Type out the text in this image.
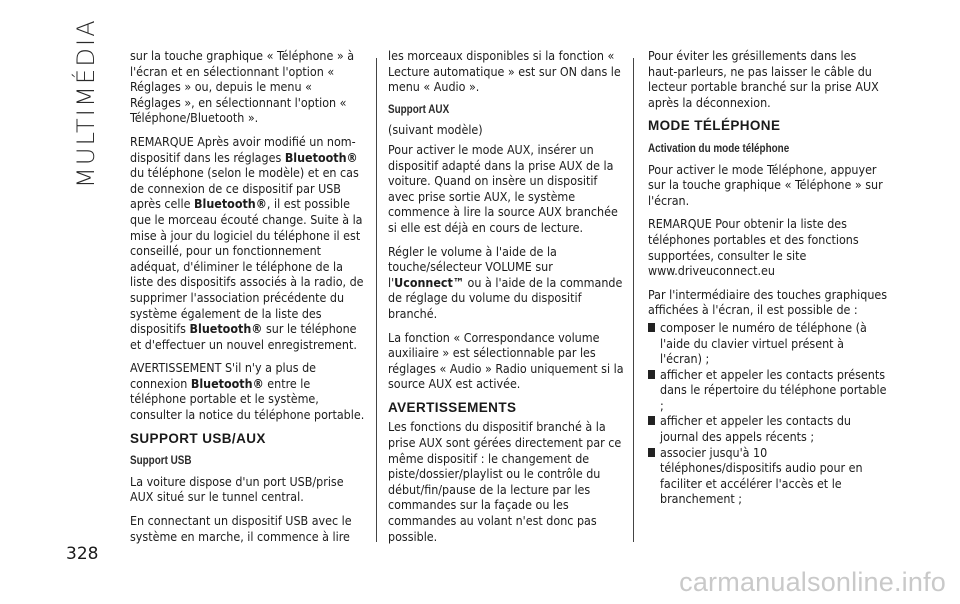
MULTIMÉDIA
328

sur la touche graphique « Téléphone » à l'écran et en sélectionnant l'option « Réglages » ou, depuis le menu « Réglages », en sélectionnant l'option « Téléphone/Bluetooth ».

REMARQUE Après avoir modifié un nom- dispositif dans les réglages Bluetooth® du téléphone (selon le modèle) et en cas de connexion de ce dispositif par USB après celle Bluetooth®, il est possible que le morceau écouté change. Suite à la mise à jour du logiciel du téléphone il est conseillé, pour un fonctionnement adéquat, d'éliminer le téléphone de la liste des dispositifs associés à la radio, de supprimer l'association précédente du système également de la liste des dispositifs Bluetooth® sur le téléphone et d'effectuer un nouvel enregistrement.

AVERTISSEMENT S'il n'y a plus de connexion Bluetooth® entre le téléphone portable et le système, consulter la notice du téléphone portable.

SUPPORT USB/AUX
Support USB

La voiture dispose d'un port USB/prise AUX situé sur le tunnel central.

En connectant un dispositif USB avec le système en marche, il commence à lire

les morceaux disponibles si la fonction « Lecture automatique » est sur ON dans le menu « Audio ».

Support AUX

(suivant modèle)

Pour activer le mode AUX, insérer un dispositif adapté dans la prise AUX de la voiture. Quand on insère un dispositif avec prise sortie AUX, le système commence à lire la source AUX branchée si elle est déjà en cours de lecture.

Régler le volume à l'aide de la touche/sélecteur VOLUME sur l'Uconnect™ ou à l'aide de la commande de réglage du volume du dispositif branché.

La fonction « Correspondance volume auxiliaire » est sélectionnable par les réglages « Audio » Radio uniquement si la source AUX est activée.

AVERTISSEMENTS

Les fonctions du dispositif branché à la prise AUX sont gérées directement par ce même dispositif : le changement de piste/dossier/playlist ou le contrôle du début/fin/pause de la lecture par les commandes sur la façade ou les commandes au volant n'est donc pas possible.

Pour éviter les grésillements dans les haut-parleurs, ne pas laisser le câble du lecteur portable branché sur la prise AUX après la déconnexion.

MODE TÉLÉPHONE
Activation du mode téléphone

Pour activer le mode Téléphone, appuyer sur la touche graphique « Téléphone » sur l'écran.

REMARQUE Pour obtenir la liste des téléphones portables et des fonctions supportées, consulter le site www.driveuconnect.eu

Par l'intermédiaire des touches graphiques affichées à l'écran, il est possible de :

composer le numéro de téléphone (à l'aide du clavier virtuel présent à l'écran) ;
afficher et appeler les contacts présents dans le répertoire du téléphone portable ;
afficher et appeler les contacts du journal des appels récents ;
associer jusqu'à 10 téléphones/dispositifs audio pour en faciliter et accélérer l'accès et le branchement ;
carmanualsonline.info
